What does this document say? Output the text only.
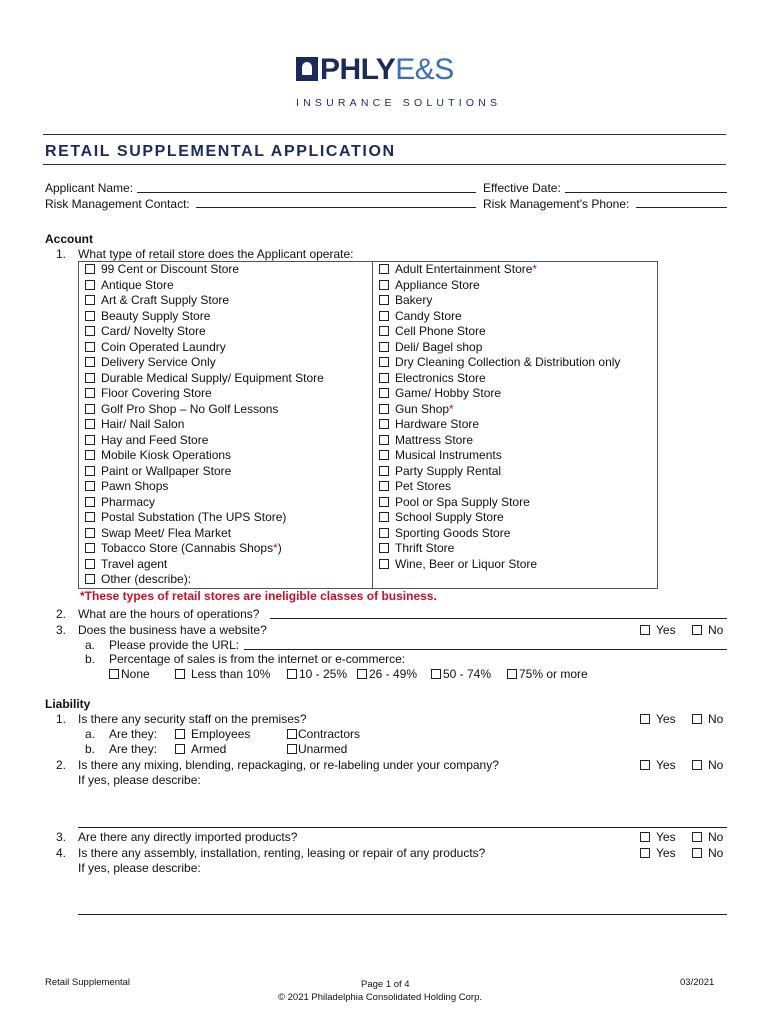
PHLYE&S
INSURANCE SOLUTIONS
RETAIL SUPPLEMENTAL APPLICATION
Applicant Name:	Effective Date:
Risk Management Contact:	Risk Management's Phone:
Account
1. What type of retail store does the Applicant operate:
99 Cent or Discount Store
Antique Store
Art & Craft Supply Store
Beauty Supply Store
Card/ Novelty Store
Coin Operated Laundry
Delivery Service Only
Durable Medical Supply/ Equipment Store
Floor Covering Store
Golf Pro Shop – No Golf Lessons
Hair/ Nail Salon
Hay and Feed Store
Mobile Kiosk Operations
Paint or Wallpaper Store
Pawn Shops
Pharmacy
Postal Substation (The UPS Store)
Swap Meet/ Flea Market
Tobacco Store (Cannabis Shops*)
Travel agent
Other (describe):
Adult Entertainment Store*
Appliance Store
Bakery
Candy Store
Cell Phone Store
Deli/ Bagel shop
Dry Cleaning Collection & Distribution only
Electronics Store
Game/ Hobby Store
Gun Shop*
Hardware Store
Mattress Store
Musical Instruments
Party Supply Rental
Pet Stores
Pool or Spa Supply Store
School Supply Store
Sporting Goods Store
Thrift Store
Wine, Beer or Liquor Store
*These types of retail stores are ineligible classes of business.
2. What are the hours of operations?
3. Does the business have a website?	Yes	No
a. Please provide the URL:
b. Percentage of sales is from the internet or e-commerce:
None	Less than 10%	10 - 25%	26 - 49%	50 - 74%	75% or more
Liability
1. Is there any security staff on the premises?	Yes	No
a. Are they:	Employees	Contractors
b. Are they:	Armed	Unarmed
2. Is there any mixing, blending, repackaging, or re-labeling under your company?	Yes	No
If yes, please describe:
3. Are there any directly imported products?	Yes	No
4. Is there any assembly, installation, renting, leasing or repair of any products?	Yes	No
If yes, please describe:
Retail Supplemental	Page 1 of 4
© 2021 Philadelphia Consolidated Holding Corp.
03/2021
